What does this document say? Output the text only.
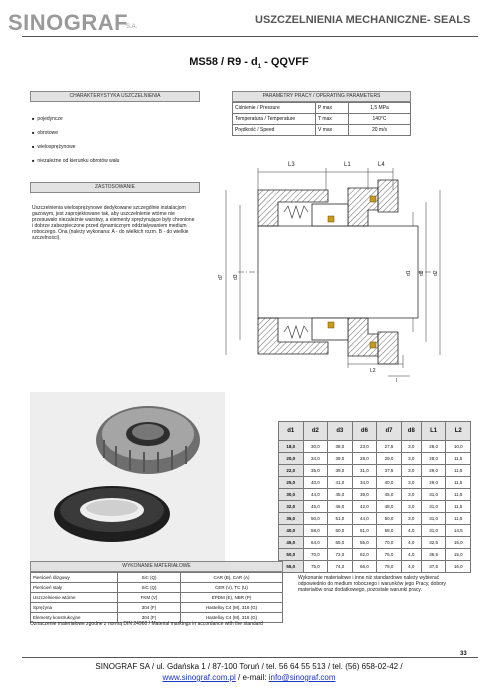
SINOGRAF
S.A.
USZCZELNIENIA MECHANICZNE- SEALS
$MS58 / R9 - d_1$ - QQVFF
CHARAKTERYSTYKA USZCZELNIENIA
■ pojedyncze
■ obrotowe
■ wielosprężynowe
■ niezależne od kierunku obrotów wału
ZASTOSOWANIE
Uszczelnienia wielosprężynowe dedykowane szczególnie instalacjom gazowym, jest zaprojektowane tak, aby uszczelnienie wtórne nie przesuwało niezależnie warstwy, a elementy sprężynujące były chronione i dobrze zabezpieczone przed dynamicznym oddziaływaniem medium roboczego. Ona (należy wykonana: A - do wielkich rozm. B - do wielkie szczelności).
PARAMETRY PRACY / OPERATING PARAMETERS
Ciśnienie / Pressure	P max	1,5 MPa
Temperatura / Temperature	T max	140°C
Prędkość / Speed	V max	20 m/s
L3	L1	L4
d7 d3
d1 d8 d2
L2
l
d1	d2	d3	d6	d7	d8	L1	L2
18,0	30,0	38,0	23,0	27,5	3,0	28,0	10,0
20,0	34,0	39,0	28,0	29,0	3,0	28,0	11,5
22,0	35,0	39,0	31,0	37,5	3,0	29,0	11,5
25,0	40,0	41,0	34,0	40,0	3,0	29,0	11,5
30,0	44,0	45,0	39,0	45,0	3,0	31,0	11,5
32,0	45,0	46,0	42,0	48,0	3,0	31,0	11,5
35,0	50,0	51,0	44,0	50,0	3,0	31,0	11,5
40,0	58,0	60,0	51,0	58,0	4,0	31,0	14,5
45,0	64,0	65,0	55,0	70,0	4,0	32,5	15,0
50,0	70,0	72,0	62,0	75,0	4,0	36,5	15,0
55,0	75,0	74,0	66,0	78,0	4,0	37,5	16,0
WYKONANIE MATERIAŁOWE
Pierścień ślizgowy	SiC (Q)	CAR (B), CAR (A)
Pierścień stały	SiC (Q)	CER (V), TC (U)
Uszczelnienie wtórne	FKM (V)	EPDM (E), NBR (P)
Sprężyna	304 (F)	Hastelloy C4 (M), 316 (G)
Elementy konstrukcyjne	304 (F)	Hastelloy C4 (M), 316 (G)
Wykonanie materiałowe i inne niż standardowe należy wybierać odpowiednio do medium roboczego i warunków jego Pracy, dobory materiałów oraz dodatkowego, pozostałe warunki pracy.
Oznaczenie materiałowe zgodne z normą DIN 24960 / Material markings in accordance with the standard
33
SINOGRAF SA / ul. Gdańska 1 / 87-100 Toruń / tel. 56 64 55 513 / tel. (56) 658-02-42 /
www.sinograf.com.pl / e-mail: info@sinograf.com
